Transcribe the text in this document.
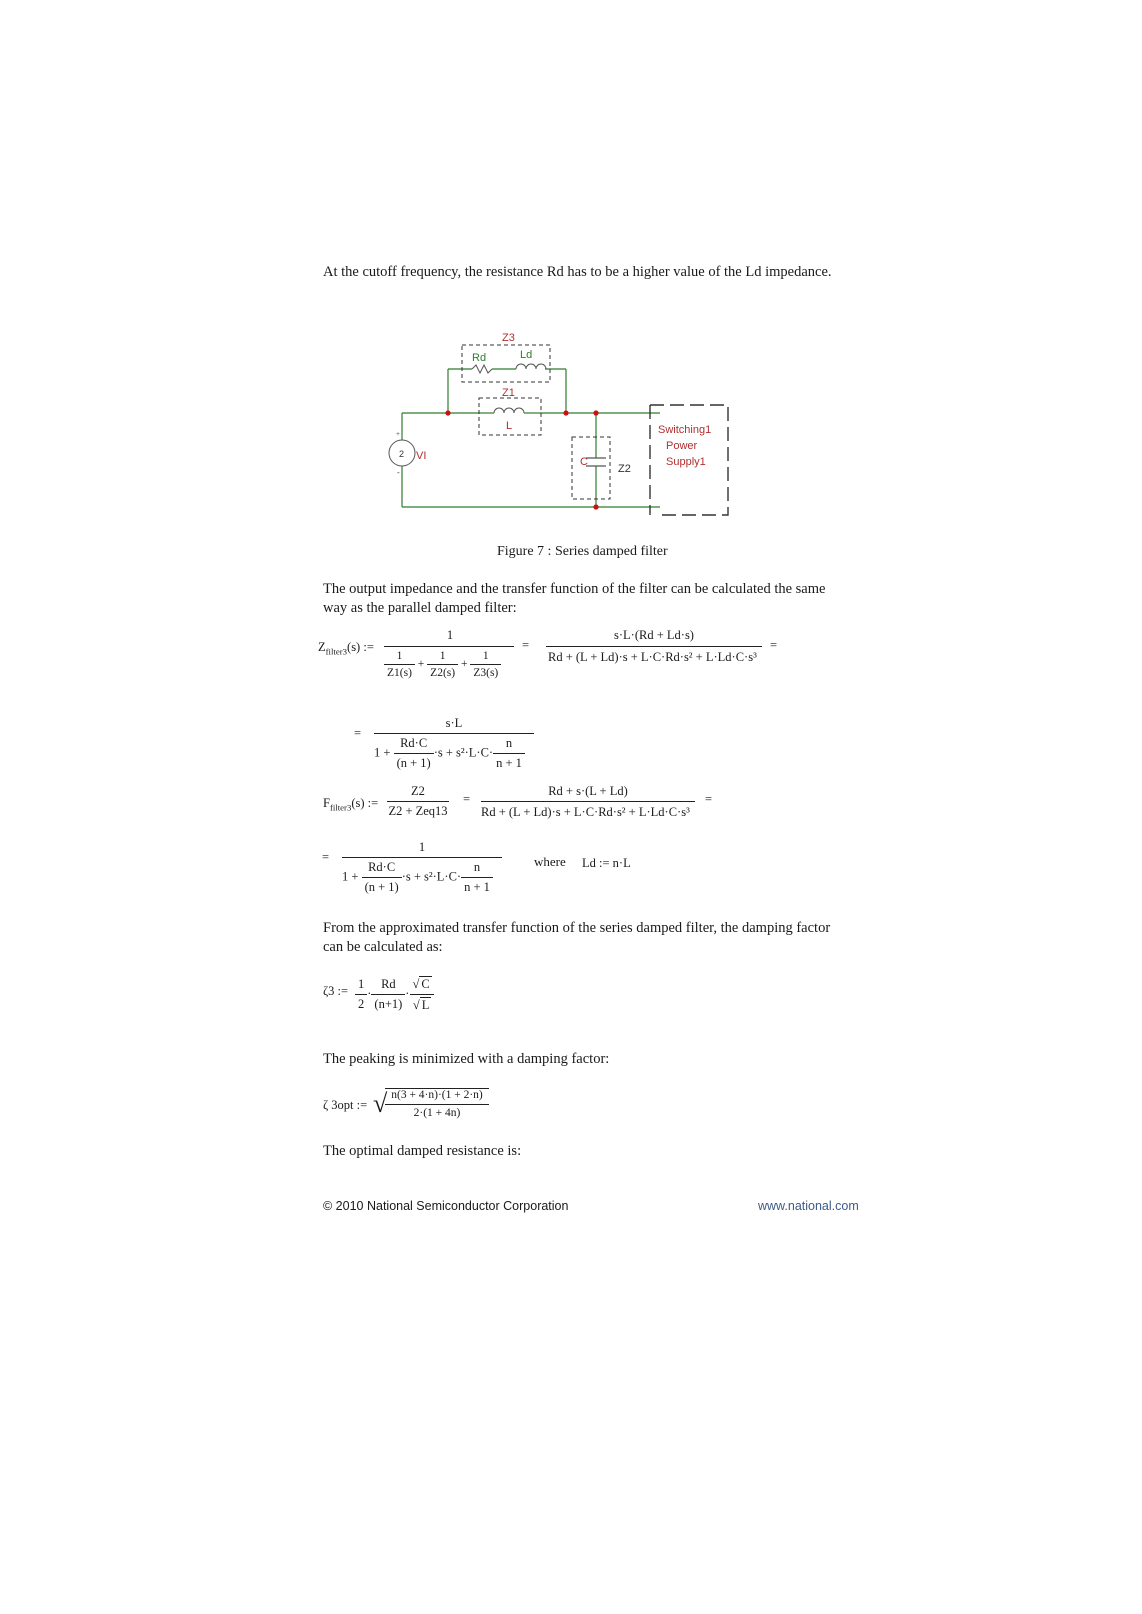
At the cutoff frequency, the resistance Rd has to be a higher value of the Ld impedance.
2
+
-
Z3
Rd	Ld
Z1
L
C
Z2
VI
Switching1
Power
Supply1
Figure 7 : Series damped filter
The output impedance and the transfer function of the filter can be calculated the same way as the parallel damped filter:
$Z_{filter3}(s)$ :=
1
$\frac{1}{Z1(s)} + \frac{1}{Z2(s)} + \frac{1}{Z3(s)}$
=
s·L·(Rd + Ld·s)
Rd + (L + Ld)·s + L·C·Rd·s² + L·Ld·C·s³
=
=
s·L
$1 + \frac{Rd\cdot C}{(n + 1)} \cdot s + s^2\cdot L\cdot C\cdot \frac{n}{n + 1}$
$F_{filter3}(s)$ :=
Z2
Z2 + Zeq13
=
Rd + s·(L + Ld)
Rd + (L + Ld)·s + L·C·Rd·s² + L·Ld·C·s³
=
=
1
$1 + \frac{Rd\cdot C}{(n + 1)} \cdot s + s^2\cdot L\cdot C\cdot \frac{n}{n + 1}$	where Ld := n·L
From the approximated transfer function of the series damped filter, the damping factor can be calculated as:
ζ3 := $\frac{1}{2} \cdot \frac{Rd}{(n+1)} \cdot \frac{√ C}{√ L}$
The peaking is minimized with a damping factor:
ζ 3opt := √ n(3 + 4·n)·(1 + 2·n)
2·(1 + 4n)
The optimal damped resistance is:
© 2010 National Semiconductor Corporation	www.national.com
